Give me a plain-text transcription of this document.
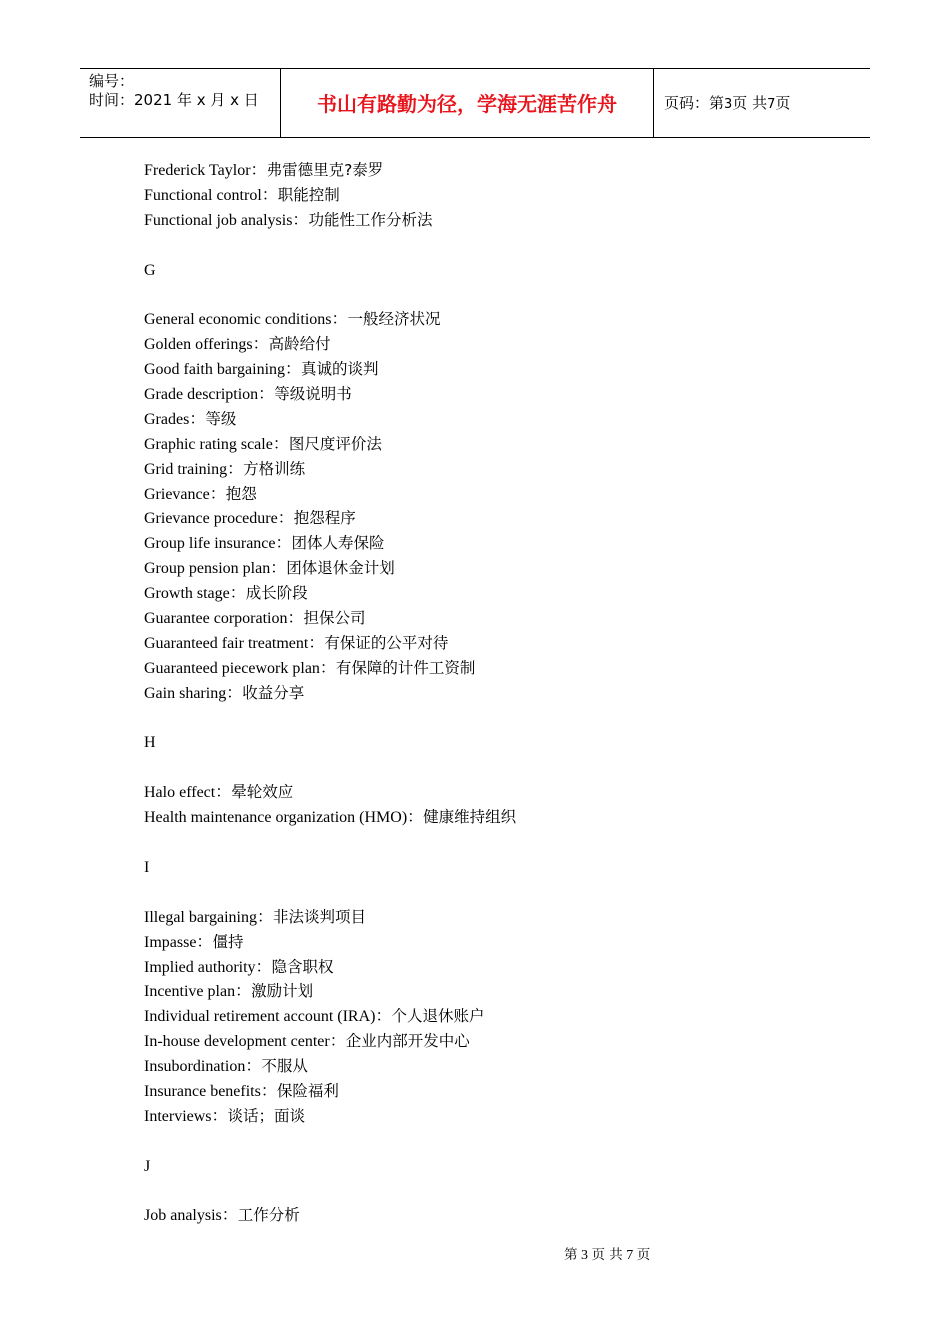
编号：
时间：2021 年 x 月 x 日	书山有路勤为径，学海无涯苦作舟	页码：第3页 共7页
Frederick Taylor：弗雷德里克?泰罗
Functional control：职能控制
Functional job analysis：功能性工作分析法
G
General economic conditions：一般经济状况
Golden offerings：高龄给付
Good faith bargaining：真诚的谈判
Grade description：等级说明书
Grades：等级
Graphic rating scale：图尺度评价法
Grid training：方格训练
Grievance：抱怨
Grievance procedure：抱怨程序
Group life insurance：团体人寿保险
Group pension plan：团体退休金计划
Growth stage：成长阶段
Guarantee corporation：担保公司
Guaranteed fair treatment：有保证的公平对待
Guaranteed piecework plan：有保障的计件工资制
Gain sharing：收益分享
H
Halo effect：晕轮效应
Health maintenance organization (HMO)：健康维持组织
I
Illegal bargaining：非法谈判项目
Impasse：僵持
Implied authority：隐含职权
Incentive plan：激励计划
Individual retirement account (IRA)：个人退休账户
In-house development center：企业内部开发中心
Insubordination：不服从
Insurance benefits：保险福利
Interviews：谈话；面谈
J
Job analysis：工作分析
第 3 页 共 7 页
